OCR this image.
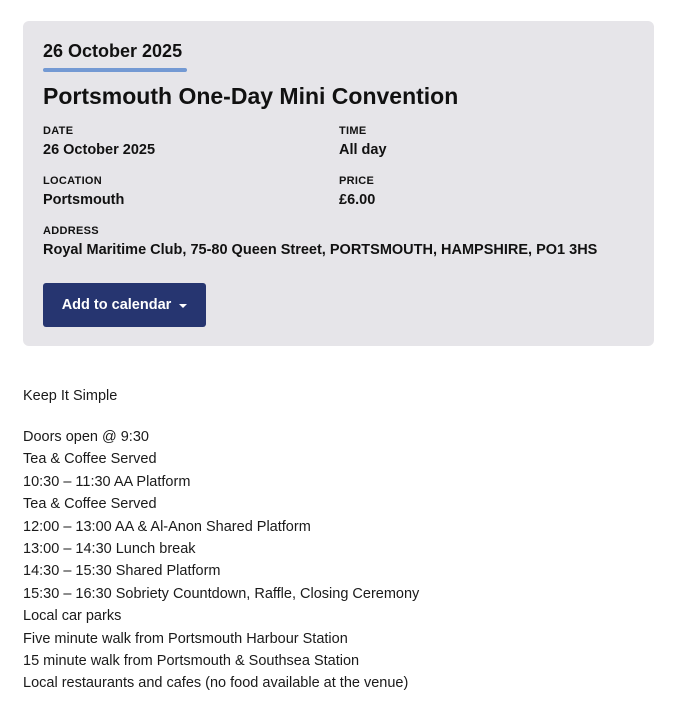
26 October 2025
Portsmouth One-Day Mini Convention
DATE
26 October 2025
TIME
All day
LOCATION
Portsmouth
PRICE
£6.00
ADDRESS
Royal Maritime Club, 75-80 Queen Street, PORTSMOUTH, HAMPSHIRE, PO1 3HS
Add to calendar
Keep It Simple
Doors open @ 9:30
Tea & Coffee Served
10:30 – 11:30 AA Platform
Tea & Coffee Served
12:00 – 13:00 AA & Al-Anon Shared Platform
13:00 – 14:30 Lunch break
14:30 – 15:30 Shared Platform
15:30 – 16:30 Sobriety Countdown, Raffle, Closing Ceremony
Local car parks
Five minute walk from Portsmouth Harbour Station
15 minute walk from Portsmouth & Southsea Station
Local restaurants and cafes (no food available at the venue)
